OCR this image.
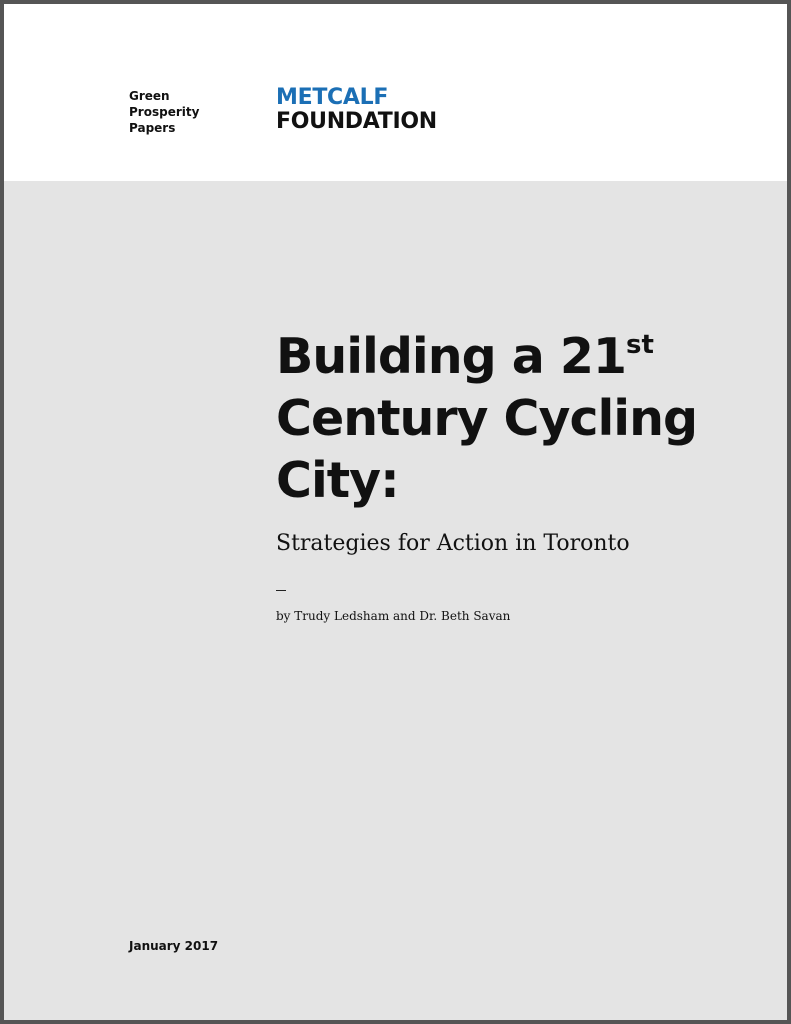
Green
Prosperity
Papers
METCALF
FOUNDATION
Building a 21st
Century Cycling
City:
Strategies for Action in Toronto
by Trudy Ledsham and Dr. Beth Savan
January 2017
